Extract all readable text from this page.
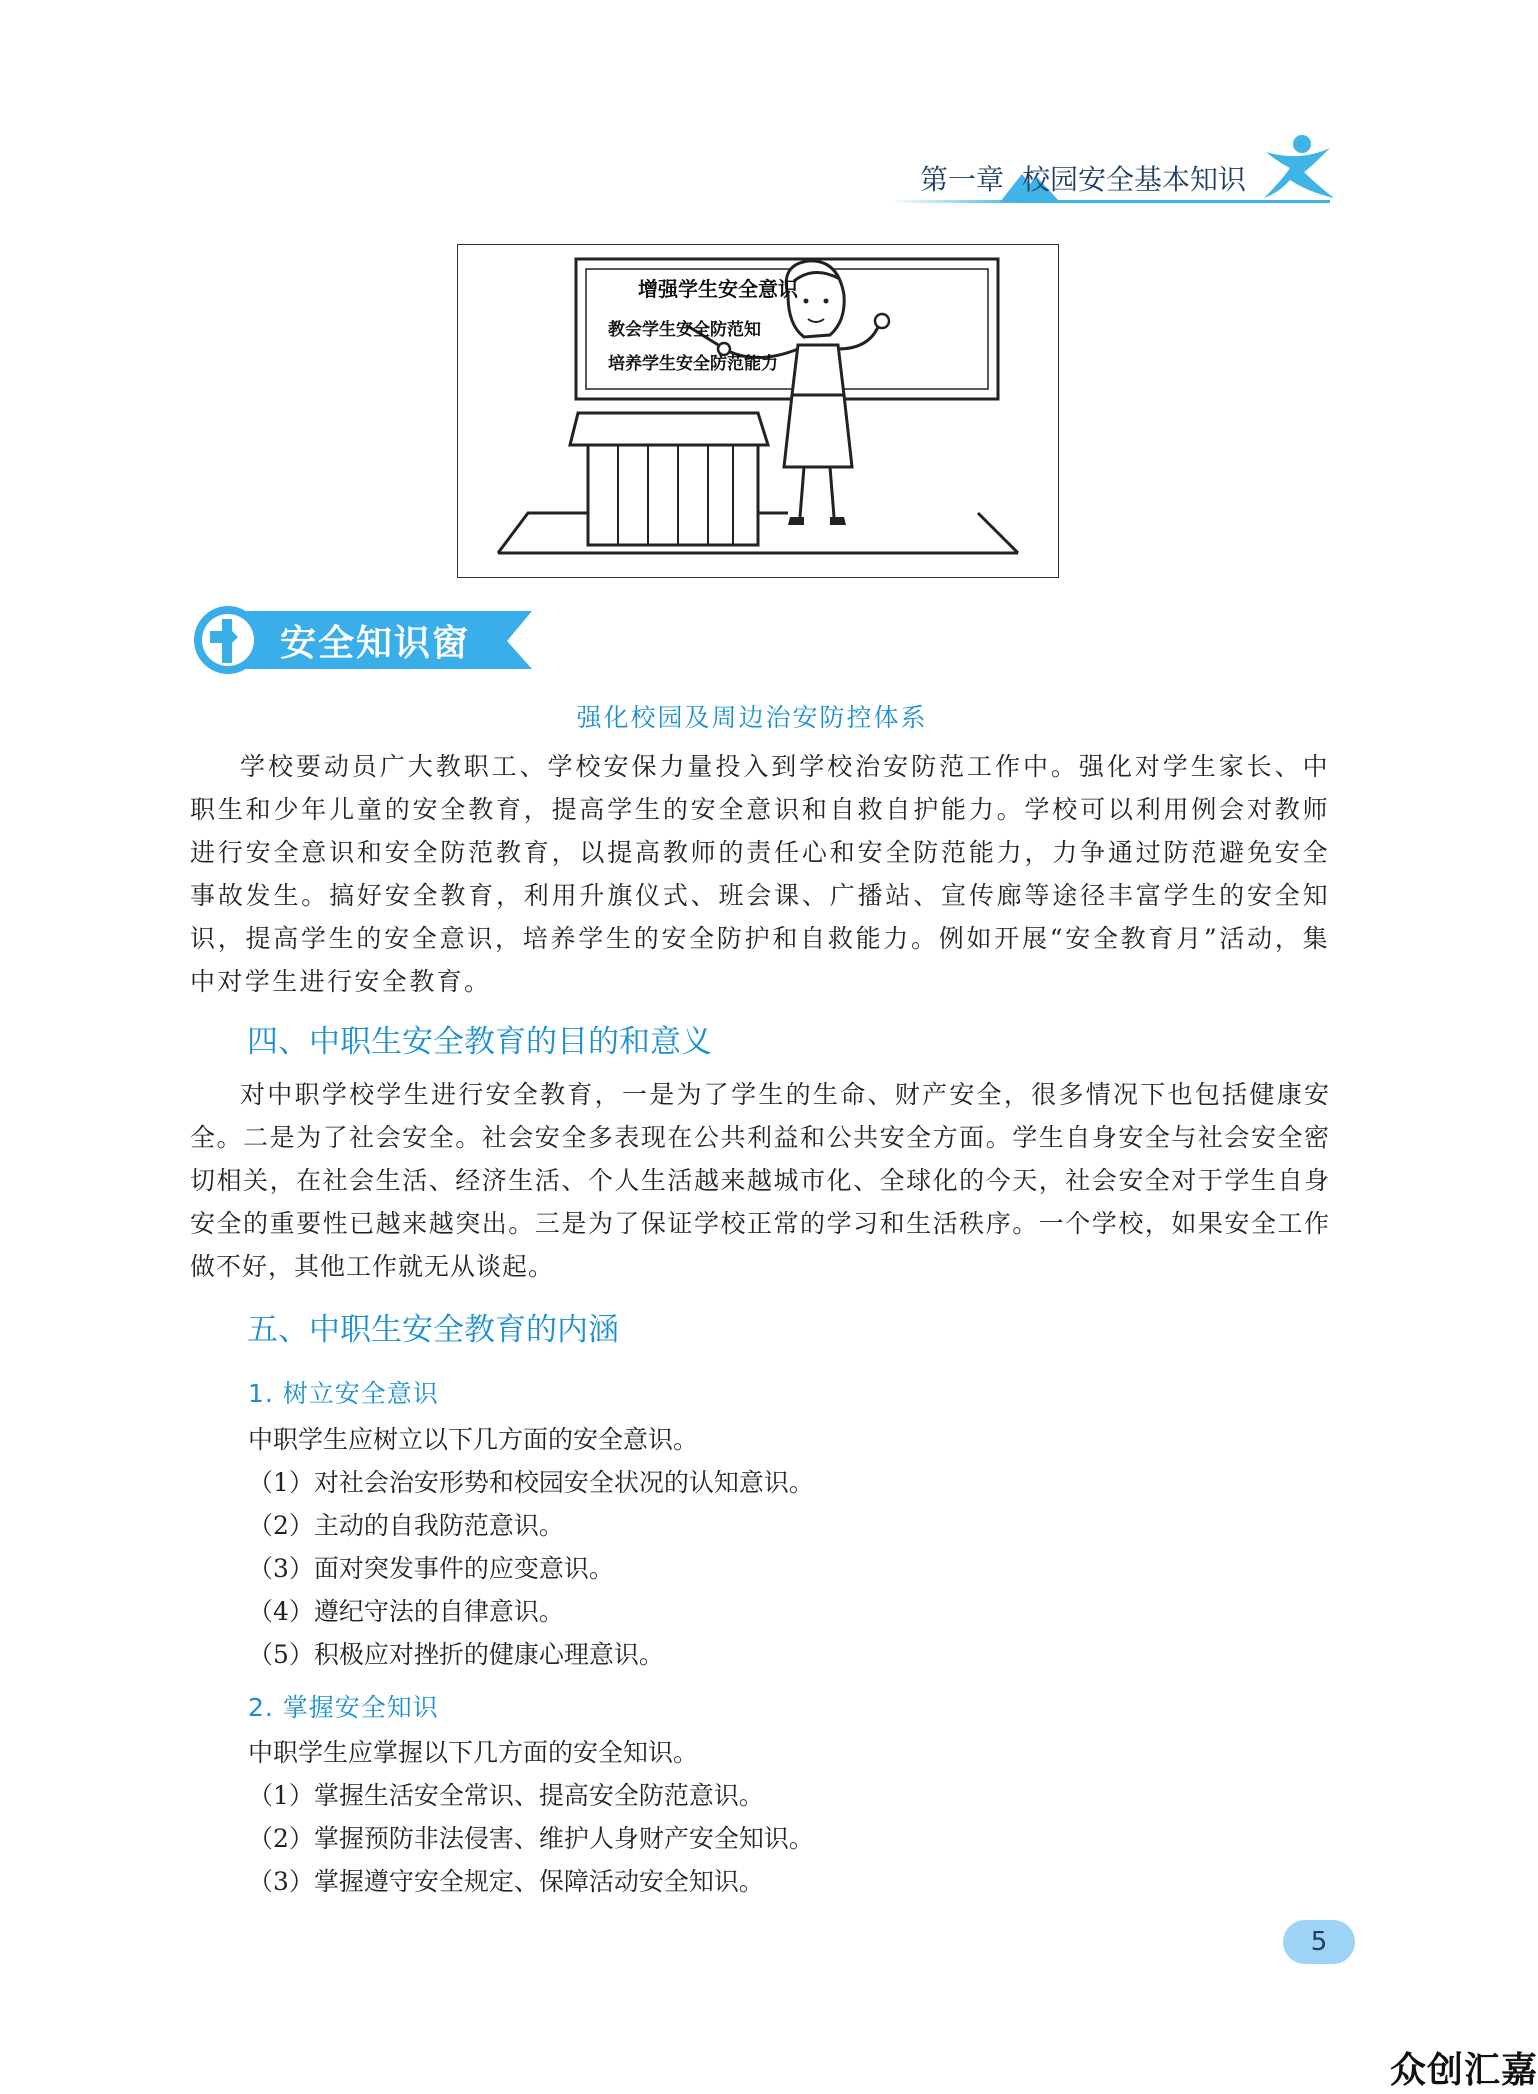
第一章 校园安全基本知识
增强学生安全意识
教会学生安全防范知
培养学生安全防范能力
安全知识窗
强化校园及周边治安防控体系
学校要动员广大教职工、学校安保力量投入到学校治安防范工作中。强化对学生家长、中职生和少年儿童的安全教育，提高学生的安全意识和自救自护能力。学校可以利用例会对教师进行安全意识和安全防范教育，以提高教师的责任心和安全防范能力，力争通过防范避免安全事故发生。搞好安全教育，利用升旗仪式、班会课、广播站、宣传廊等途径丰富学生的安全知识，提高学生的安全意识，培养学生的安全防护和自救能力。例如开展“安全教育月”活动，集中对学生进行安全教育。
四、中职生安全教育的目的和意义
对中职学校学生进行安全教育，一是为了学生的生命、财产安全，很多情况下也包括健康安全。二是为了社会安全。社会安全多表现在公共利益和公共安全方面。学生自身安全与社会安全密切相关，在社会生活、经济生活、个人生活越来越城市化、全球化的今天，社会安全对于学生自身安全的重要性已越来越突出。三是为了保证学校正常的学习和生活秩序。一个学校，如果安全工作做不好，其他工作就无从谈起。
五、中职生安全教育的内涵
1. 树立安全意识
中职学生应树立以下几方面的安全意识。
（1）对社会治安形势和校园安全状况的认知意识。
（2）主动的自我防范意识。
（3）面对突发事件的应变意识。
（4）遵纪守法的自律意识。
（5）积极应对挫折的健康心理意识。
2. 掌握安全知识
中职学生应掌握以下几方面的安全知识。
（1）掌握生活安全常识、提高安全防范意识。
（2）掌握预防非法侵害、维护人身财产安全知识。
（3）掌握遵守安全规定、保障活动安全知识。
5
众创汇嘉
